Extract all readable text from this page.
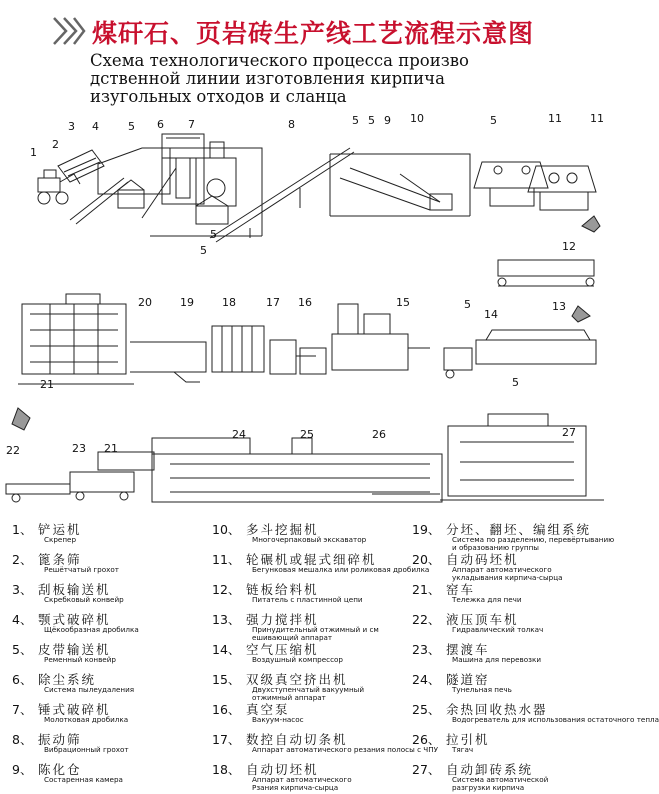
煤矸石、页岩砖生产线工艺流程示意图
Схема технологического процесса произво
дственной линии изготовления кирпича
изугольных отходов и сланца
1
2
3 4	5 6 7	8	5 5 9 10	5	11	11
5
5
12
20	19	18	17 16	15	5
14
13
5
21
22	23 21
24	25	26	27
1、 铲运机
Скрепер
2、 篦条筛
Решётчатый грохот
3、 刮板输送机
Скребковый конвейр
4、 颚式破碎机
Щёкообразная дробилка
5、 皮带输送机
Ременный конвейр
6、 除尘系统
Система пылеудаления
7、 锤式破碎机
Молотковая дробилка
8、 振动筛
Вибрационный грохот
9、 陈化仓
Состаренная камера
10、 多斗挖掘机
Многочерпаковый экскаватор
11、 轮碾机或辊式细碎机
Бегунковая мешалка или роликовая дробилка
12、 链板给料机
Питатель с пластинной цепи
13、 强力搅拌机
Принудительный отжимный и см
ешивающий аппарат
14、 空气压缩机
Воздушный компрессор
15、 双级真空挤出机
Двухступенчатый вакуумный
отжимный аппарат
16、 真空泵
Вакуум-насос
17、 数控自动切条机
Аппарат автоматического резания полосы с ЧПУ
18、 自动切坯机
Аппарат автоматического
Рзания кирпича-сырца
19、 分坯、翻坯、编组系统
Система по разделению, перевёртыванию
и образованию группы
20、 自动码坯机
Аппарат автоматического
укладывания кирпича-сырца
21、 窑车
Тележка для печи
22、 液压顶车机
Гидравлический толкач
23、 摆渡车
Машина для перевозки
24、 隧道窑
Тунельная печь
25、 余热回收热水器
Водогреватель для использования остаточного тепла
26、 拉引机
Тягач
27、 自动卸砖系统
Система автоматической
разгрузки кирпича
